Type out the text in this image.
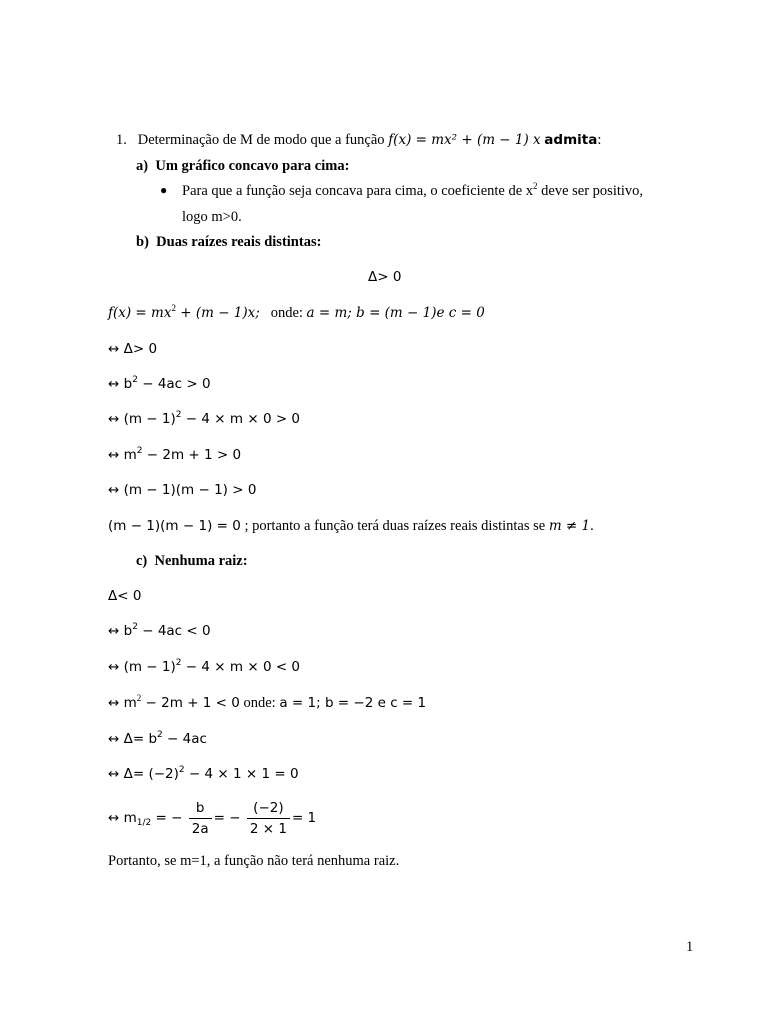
1. Determinação de M de modo que a função f(x) = mx² + (m − 1) x admita:
a) Um gráfico concavo para cima:
● Para que a função seja concava para cima, o coeficiente de $x^2$ deve ser positivo,
logo m>0.
b) Duas raízes reais distintas:
Δ> 0
$f(x) = mx^2 + (m - 1)x$; onde: a = m; b = (m − 1)e c = 0
↔ Δ> 0
↔ $b^2 - 4ac > 0$
↔ $(m - 1)^2 - 4 \times m \times 0 > 0$
↔ $m^2 - 2m + 1 > 0$
↔ (m − 1)(m − 1) > 0
(m − 1)(m − 1) = 0 ; portanto a função terá duas raízes reais distintas se m ≠ 1.
c) Nenhuma raiz:
Δ< 0
↔ $b^2 - 4ac < 0$
↔ $(m - 1)^2 - 4 \times m \times 0 < 0$
↔ $m^2 - 2m + 1 < 0$ onde: a = 1; b = −2 e c = 1
↔ $\Delta= b^2 - 4ac$
↔ $\Delta= (-2)^2 - 4 \times 1 \times 1 = 0$
↔ $m_{1/2}$ = − $\frac{b}{2a}$ = − $\frac{(-2)}{2 \times 1} = 1$
Portanto, se m=1, a função não terá nenhuma raiz.
1
